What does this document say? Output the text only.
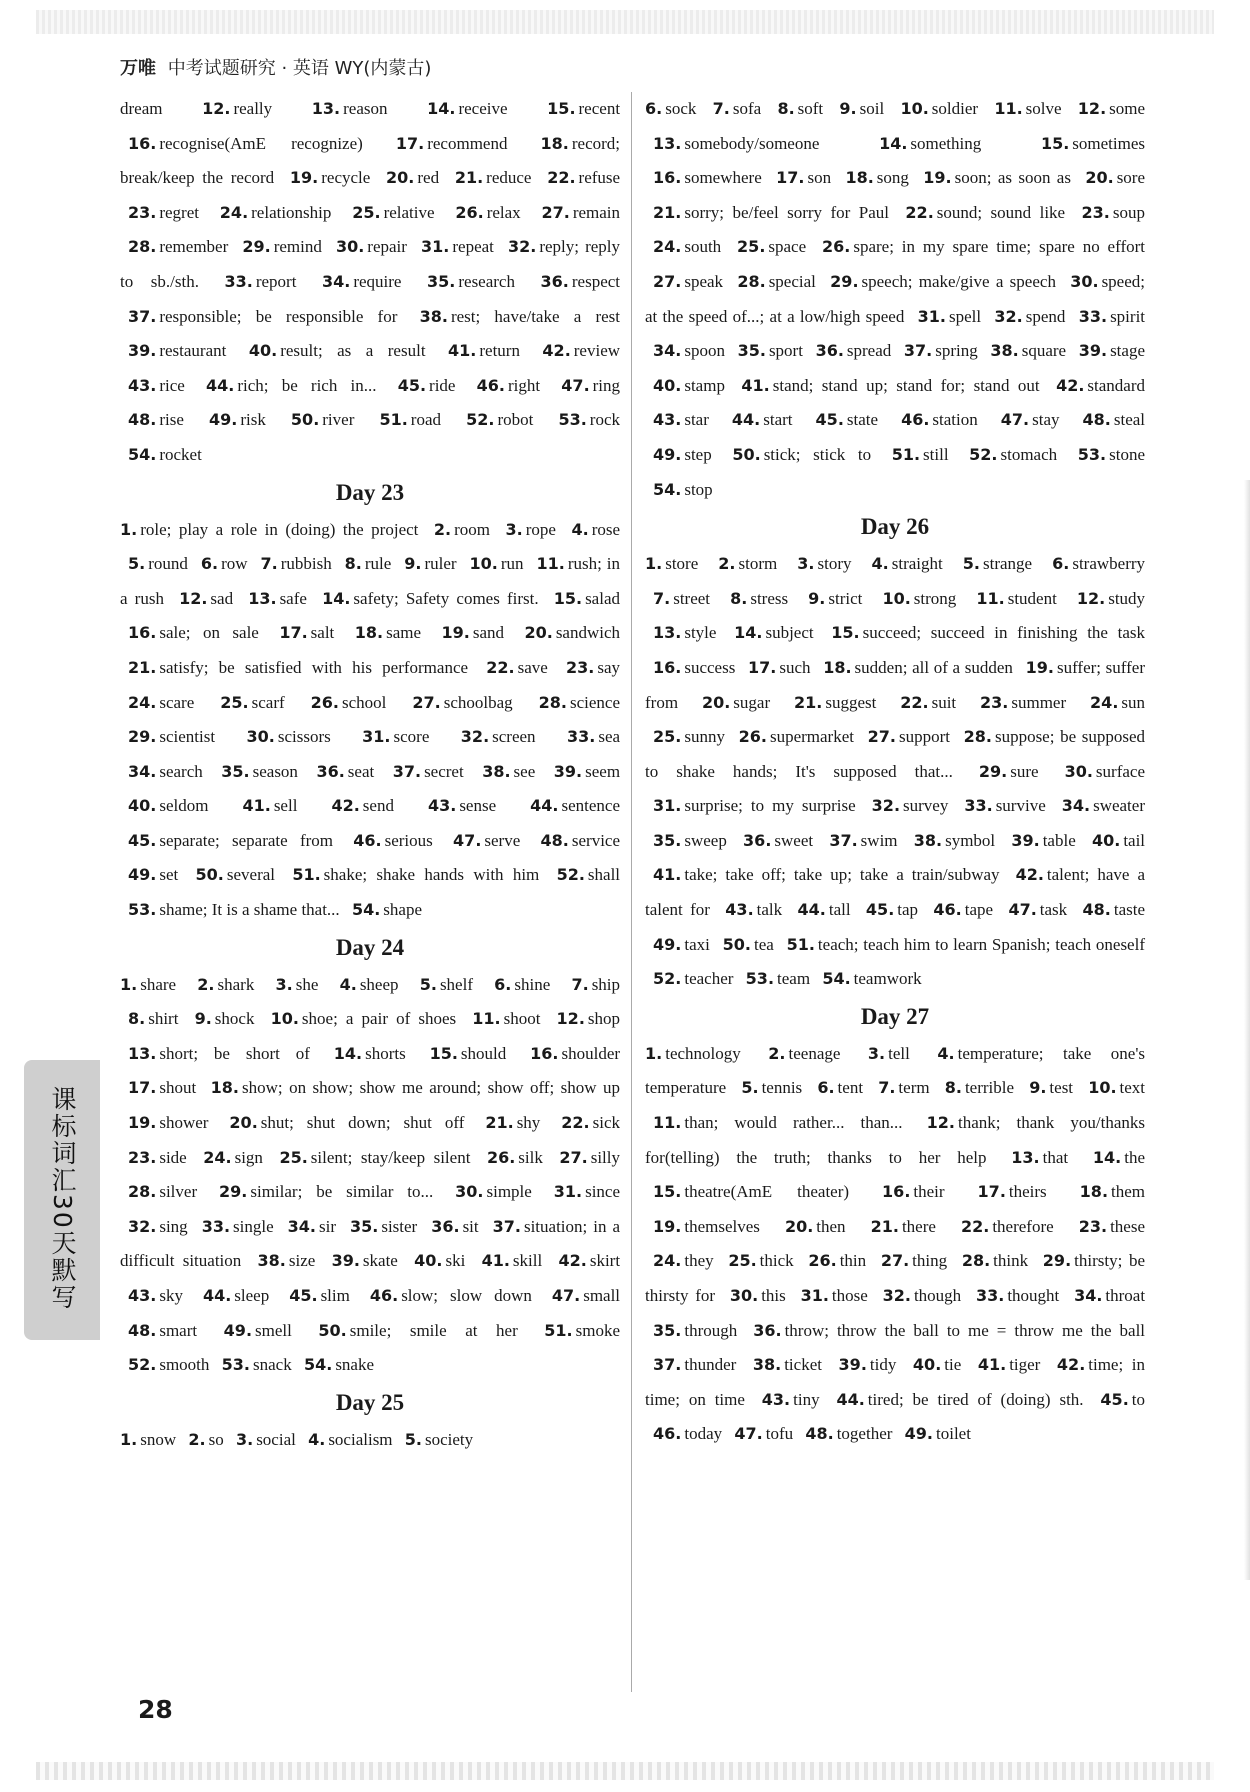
万唯 中考试题研究 · 英语 WY(内蒙古)

dream 12. really 13. reason 14. receive 15. recent 16. recognise(AmE recognize) 17. recommend 18. record; break/keep the record 19. recycle 20. red 21. reduce 22. refuse 23. regret 24. relationship 25. relative 26. relax 27. remain 28. remember 29. remind 30. repair 31. repeat 32. reply; reply to sb./sth. 33. report 34. require 35. research 36. respect 37. responsible; be responsible for 38. rest; have/take a rest 39. restaurant 40. result; as a result 41. return 42. review 43. rice 44. rich; be rich in... 45. ride 46. right 47. ring 48. rise 49. risk 50. river 51. road 52. robot 53. rock 54. rocket

Day 23

1. role; play a role in (doing) the project 2. room 3. rope 4. rose 5. round 6. row 7. rubbish 8. rule 9. ruler 10. run 11. rush; in a rush 12. sad 13. safe 14. safety; Safety comes first. 15. salad 16. sale; on sale 17. salt 18. same 19. sand 20. sandwich 21. satisfy; be satisfied with his performance 22. save 23. say 24. scare 25. scarf 26. school 27. schoolbag 28. science 29. scientist 30. scissors 31. score 32. screen 33. sea 34. search 35. season 36. seat 37. secret 38. see 39. seem 40. seldom 41. sell 42. send 43. sense 44. sentence 45. separate; separate from 46. serious 47. serve 48. service 49. set 50. several 51. shake; shake hands with him 52. shall 53. shame; It is a shame that... 54. shape

Day 24

1. share 2. shark 3. she 4. sheep 5. shelf 6. shine 7. ship 8. shirt 9. shock 10. shoe; a pair of shoes 11. shoot 12. shop 13. short; be short of 14. shorts 15. should 16. shoulder 17. shout 18. show; on show; show me around; show off; show up 19. shower 20. shut; shut down; shut off 21. shy 22. sick 23. side 24. sign 25. silent; stay/keep silent 26. silk 27. silly 28. silver 29. similar; be similar to... 30. simple 31. since 32. sing 33. single 34. sir 35. sister 36. sit 37. situation; in a difficult situation 38. size 39. skate 40. ski 41. skill 42. skirt 43. sky 44. sleep 45. slim 46. slow; slow down 47. small 48. smart 49. smell 50. smile; smile at her 51. smoke 52. smooth 53. snack 54. snake

Day 25

1. snow 2. so 3. social 4. socialism 5. society

6. sock 7. sofa 8. soft 9. soil 10. soldier 11. solve 12. some 13. somebody/someone	14. something	15. sometimes 16. somewhere 17. son 18. song 19. soon; as soon as 20. sore 21. sorry; be/feel sorry for Paul 22. sound; sound like 23. soup 24. south 25. space 26. spare; in my spare time; spare no effort 27. speak 28. special 29. speech; make/give a speech 30. speed; at the speed of...; at a low/high speed 31. spell 32. spend 33. spirit 34. spoon 35. sport 36. spread 37. spring 38. square 39. stage 40. stamp 41. stand; stand up; stand for; stand out 42. standard 43. star 44. start 45. state 46. station 47. stay 48. steal 49. step 50. stick; stick to 51. still 52. stomach 53. stone 54. stop

Day 26

1. store 2. storm 3. story 4. straight 5. strange 6. strawberry 7. street 8. stress 9. strict 10. strong 11. student 12. study 13. style 14. subject 15. succeed; succeed in finishing the task 16. success 17. such 18. sudden; all of a sudden 19. suffer; suffer from 20. sugar 21. suggest 22. suit 23. summer 24. sun 25. sunny 26. supermarket 27. support 28. suppose; be supposed to shake hands; It's supposed that... 29. sure 30. surface 31. surprise; to my surprise 32. survey 33. survive 34. sweater 35. sweep 36. sweet 37. swim 38. symbol 39. table 40. tail 41. take; take off; take up; take a train/subway 42. talent; have a talent for 43. talk 44. tall 45. tap 46. tape 47. task 48. taste 49. taxi 50. tea 51. teach; teach him to learn Spanish; teach oneself 52. teacher 53. team 54. teamwork

Day 27

1. technology 2. teenage 3. tell 4. temperature; take one's temperature 5. tennis 6. tent 7. term 8. terrible 9. test 10. text 11. than; would rather... than... 12. thank; thank you/thanks for(telling) the truth; thanks to her help 13. that 14. the 15. theatre(AmE theater) 16. their 17. theirs 18. them 19. themselves 20. then 21. there 22. therefore 23. these 24. they 25. thick 26. thin 27. thing 28. think 29. thirsty; be thirsty for 30. this 31. those 32. though 33. thought 34. throat 35. through 36. throw; throw the ball to me = throw me the ball 37. thunder 38. ticket 39. tidy 40. tie 41. tiger 42. time; in time; on time 43. tiny 44. tired; be tired of (doing) sth. 45. to 46. today 47. tofu 48. together 49. toilet

课标词汇30天默写
28
